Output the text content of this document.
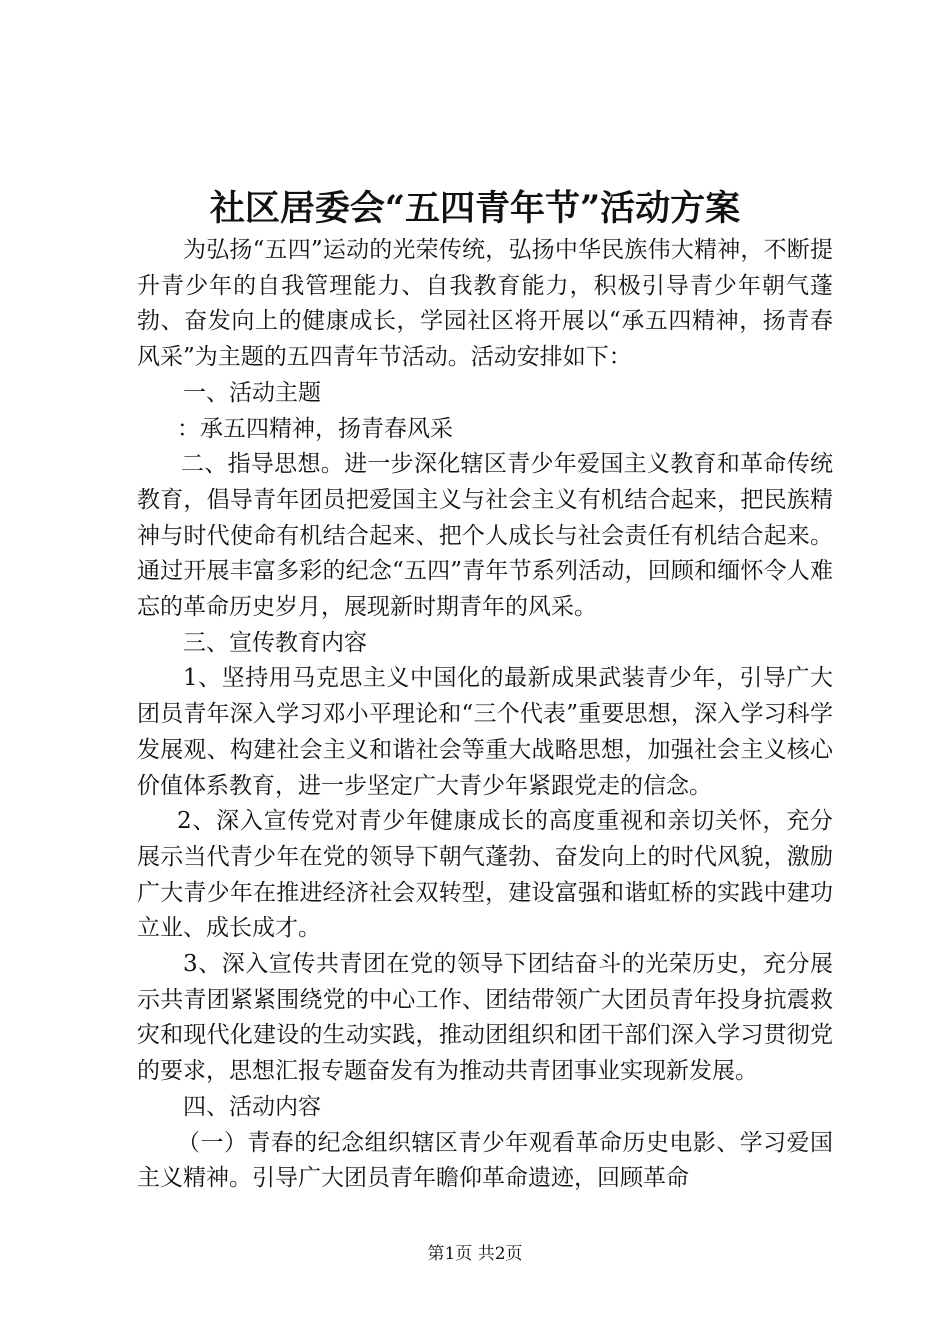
社区居委会“五四青年节”活动方案

为弘扬“五四”运动的光荣传统，弘扬中华民族伟大精神，不断提升青少年的自我管理能力、自我教育能力，积极引导青少年朝气蓬勃、奋发向上的健康成长，学园社区将开展以“承五四精神，扬青春风采”为主题的五四青年节活动。活动安排如下：

一、活动主题

：承五四精神，扬青春风采

二、指导思想。进一步深化辖区青少年爱国主义教育和革命传统教育，倡导青年团员把爱国主义与社会主义有机结合起来，把民族精神与时代使命有机结合起来、把个人成长与社会责任有机结合起来。通过开展丰富多彩的纪念“五四”青年节系列活动，回顾和缅怀令人难忘的革命历史岁月，展现新时期青年的风采。

三、宣传教育内容

1、坚持用马克思主义中国化的最新成果武装青少年，引导广大团员青年深入学习邓小平理论和“三个代表”重要思想，深入学习科学发展观、构建社会主义和谐社会等重大战略思想，加强社会主义核心价值体系教育，进一步坚定广大青少年紧跟党走的信念。

2、深入宣传党对青少年健康成长的高度重视和亲切关怀，充分展示当代青少年在党的领导下朝气蓬勃、奋发向上的时代风貌，激励广大青少年在推进经济社会双转型，建设富强和谐虹桥的实践中建功立业、成长成才。

3、深入宣传共青团在党的领导下团结奋斗的光荣历史，充分展示共青团紧紧围绕党的中心工作、团结带领广大团员青年投身抗震救灾和现代化建设的生动实践，推动团组织和团干部们深入学习贯彻党的要求，思想汇报专题奋发有为推动共青团事业实现新发展。

四、活动内容

（一）青春的纪念组织辖区青少年观看革命历史电影、学习爱国主义精神。引导广大团员青年瞻仰革命遗迹，回顾革命

第1页 共2页
